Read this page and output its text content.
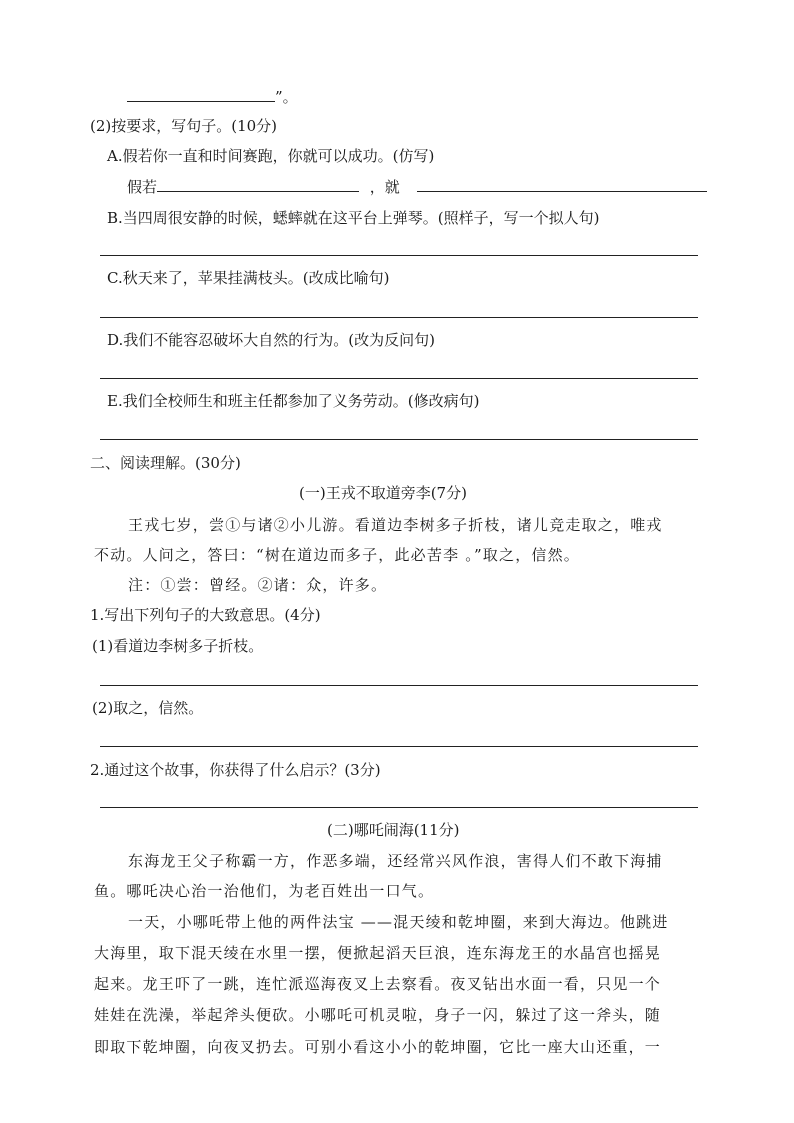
”。
(2)按要求，写句子。(10分)
A.假若你一直和时间赛跑，你就可以成功。(仿写)
假若	，就
B.当四周很安静的时候，蟋蟀就在这平台上弹琴。(照样子，写一个拟人句)
C.秋天来了，苹果挂满枝头。(改成比喻句)
D.我们不能容忍破坏大自然的行为。(改为反问句)
E.我们全校师生和班主任都参加了义务劳动。(修改病句)
二、阅读理解。(30分)
(一)王戎不取道旁李(7分)
王戎七岁，尝①与诸②小儿游。看道边李树多子折枝，诸儿竞走取之，唯戎
不动。人问之，答曰：“树在道边而多子，此必苦李 。”取之，信然。
注：①尝：曾经。②诸：众，许多。
1.写出下列句子的大致意思。(4分)
(1)看道边李树多子折枝。
(2)取之，信然。
2.通过这个故事，你获得了什么启示？(3分)
(二)哪吒闹海(11分)
东海龙王父子称霸一方，作恶多端，还经常兴风作浪，害得人们不敢下海捕
鱼。哪吒决心治一治他们，为老百姓出一口气。
一天，小哪吒带上他的两件法宝 ——混天绫和乾坤圈，来到大海边。他跳进
大海里，取下混天绫在水里一摆，便掀起滔天巨浪，连东海龙王的水晶宫也摇晃
起来。龙王吓了一跳，连忙派巡海夜叉上去察看。夜叉钻出水面一看，只见一个
娃娃在洗澡，举起斧头便砍。小哪吒可机灵啦，身子一闪，躲过了这一斧头，随
即取下乾坤圈，向夜叉扔去。可别小看这小小的乾坤圈，它比一座大山还重，一
